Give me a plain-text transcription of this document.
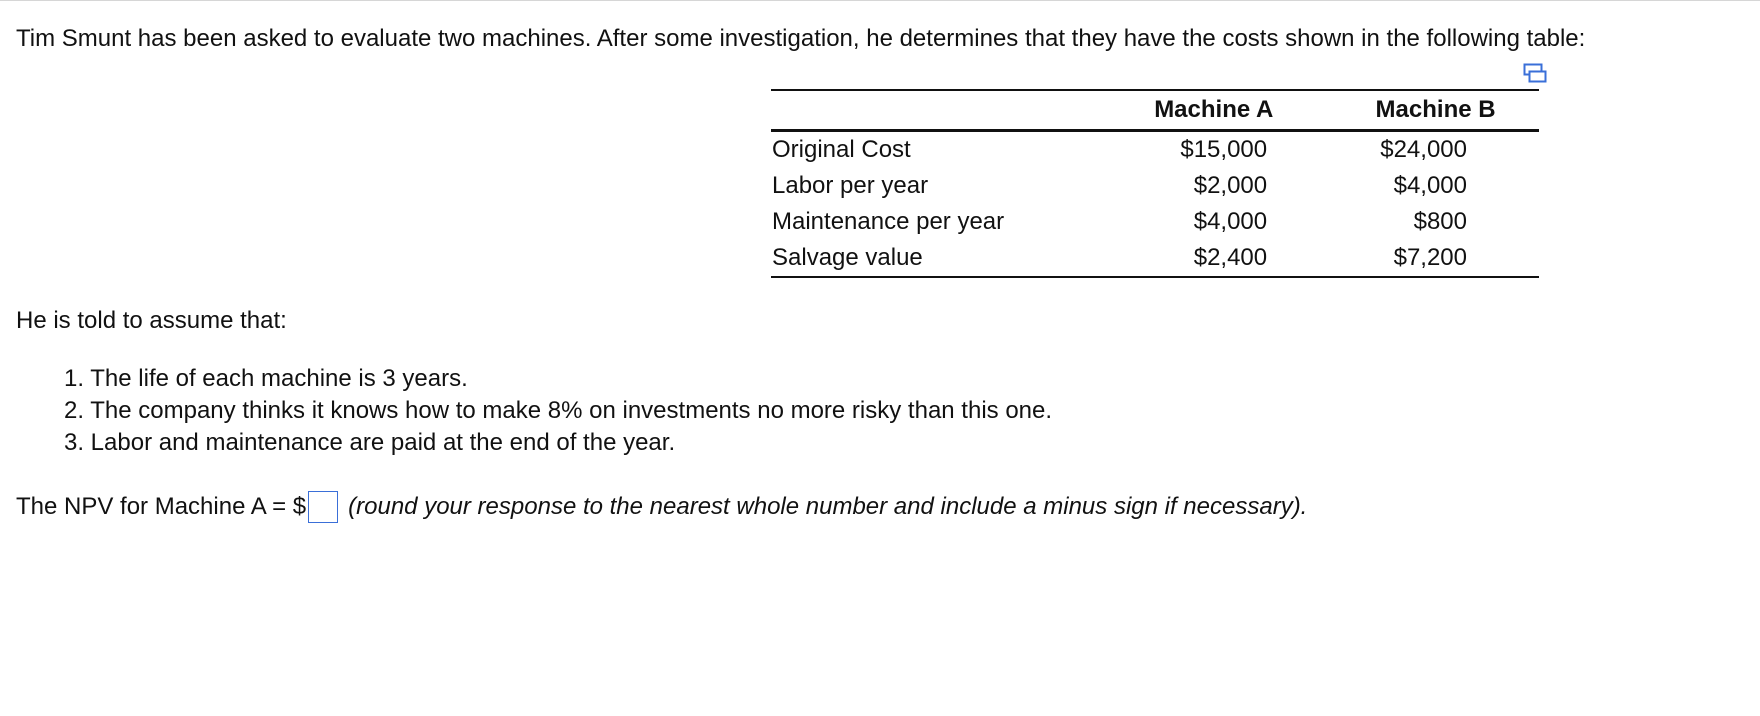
Tim Smunt has been asked to evaluate two machines. After some investigation, he determines that they have the costs shown in the following table:
	Machine A	Machine B
Original Cost	$15,000	$24,000
Labor per year	$2,000	$4,000
Maintenance per year	$4,000	$800
Salvage value	$2,400	$7,200
He is told to assume that:
1. The life of each machine is 3 years.
2. The company thinks it knows how to make 8% on investments no more risky than this one.
3. Labor and maintenance are paid at the end of the year.
The NPV for Machine A = $ (round your response to the nearest whole number and include a minus sign if necessary).
